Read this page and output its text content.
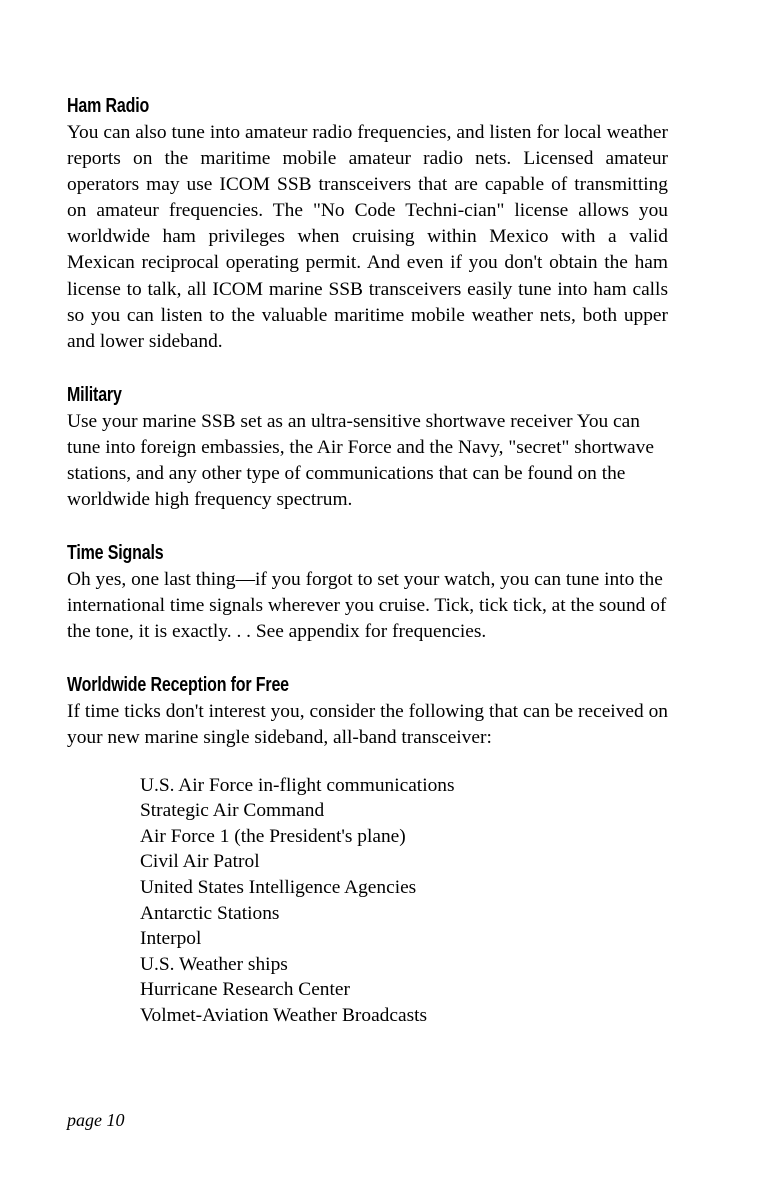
Ham Radio

You can also tune into amateur radio frequencies, and listen for local weather reports on the maritime mobile amateur radio nets. Licensed amateur operators may use ICOM SSB transceivers that are capable of transmitting on amateur frequencies. The "No Code Techni-cian" license allows you worldwide ham privileges when cruising within Mexico with a valid Mexican reciprocal operating permit. And even if you don't obtain the ham license to talk, all ICOM marine SSB transceivers easily tune into ham calls so you can listen to the valuable maritime mobile weather nets, both upper and lower sideband.

Military

Use your marine SSB set as an ultra-sensitive shortwave receiver You can tune into foreign embassies, the Air Force and the Navy, "secret" shortwave stations, and any other type of communications that can be found on the worldwide high frequency spectrum.

Time Signals

Oh yes, one last thing—if you forgot to set your watch, you can tune into the international time signals wherever you cruise. Tick, tick tick, at the sound of the tone, it is exactly. . . See appendix for frequencies.

Worldwide Reception for Free

If time ticks don't interest you, consider the following that can be received on your new marine single sideband, all-band transceiver:

U.S. Air Force in-flight communications
Strategic Air Command
Air Force 1 (the President's plane)
Civil Air Patrol
United States Intelligence Agencies
Antarctic Stations
Interpol
U.S. Weather ships
Hurricane Research Center
Volmet-Aviation Weather Broadcasts
page 10
